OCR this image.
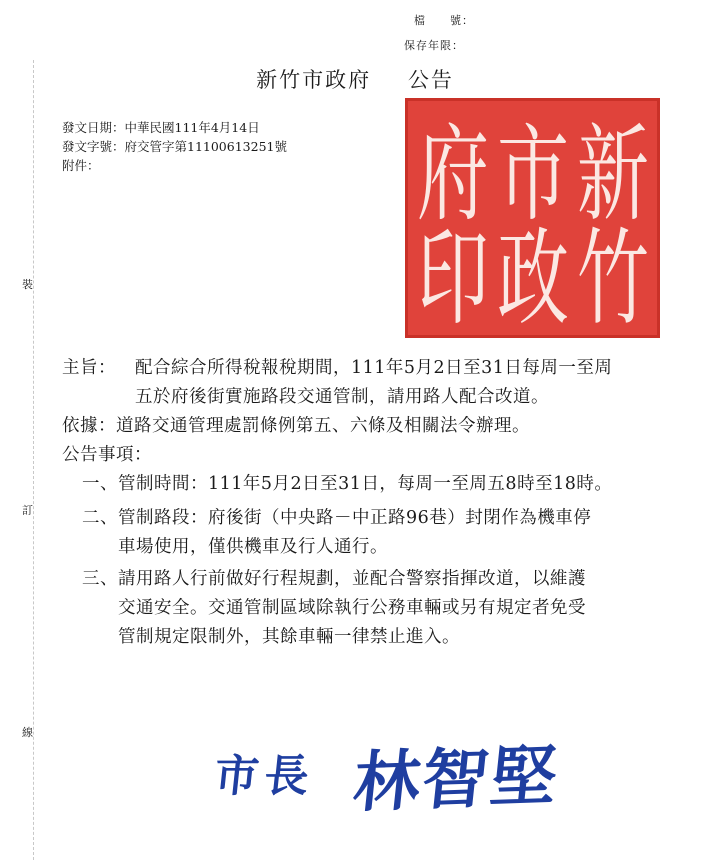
檔　　號：
保存年限：
新竹市政府 公告
發文日期：中華民國111年4月14日
發文字號：府交管字第11100613251號
附件：
裝
訂
線
新
竹
市
政
府
印
主旨： 配合綜合所得稅報稅期間，111年5月2日至31日每周一至周
五於府後街實施路段交通管制，請用路人配合改道。
依據： 道路交通管理處罰條例第五、六條及相關法令辦理。
公告事項：
一、 管制時間：111年5月2日至31日，每周一至周五8時至18時。
二、 管制路段：府後街（中央路－中正路96巷）封閉作為機車停
車場使用，僅供機車及行人通行。
三、 請用路人行前做好行程規劃，並配合警察指揮改道，以維護
交通安全。交通管制區域除執行公務車輛或另有規定者免受
管制規定限制外，其餘車輛一律禁止進入。
市長 林智堅
